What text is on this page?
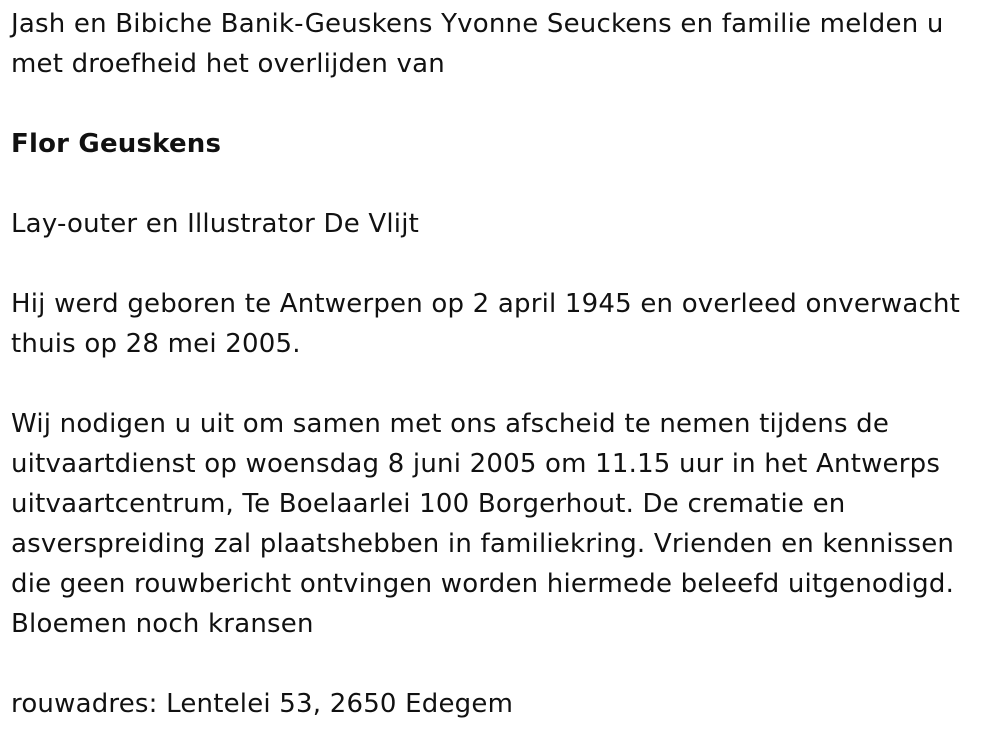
Jash en Bibiche Banik-Geuskens Yvonne Seuckens en familie melden u
met droefheid het overlijden van

Flor Geuskens

Lay-outer en Illustrator De Vlijt

Hij werd geboren te Antwerpen op 2 april 1945 en overleed onverwacht
thuis op 28 mei 2005.

Wij nodigen u uit om samen met ons afscheid te nemen tijdens de
uitvaartdienst op woensdag 8 juni 2005 om 11.15 uur in het Antwerps
uitvaartcentrum, Te Boelaarlei 100 Borgerhout. De crematie en
asverspreiding zal plaatshebben in familiekring. Vrienden en kennissen
die geen rouwbericht ontvingen worden hiermede beleefd uitgenodigd.
Bloemen noch kransen

rouwadres: Lentelei 53, 2650 Edegem
